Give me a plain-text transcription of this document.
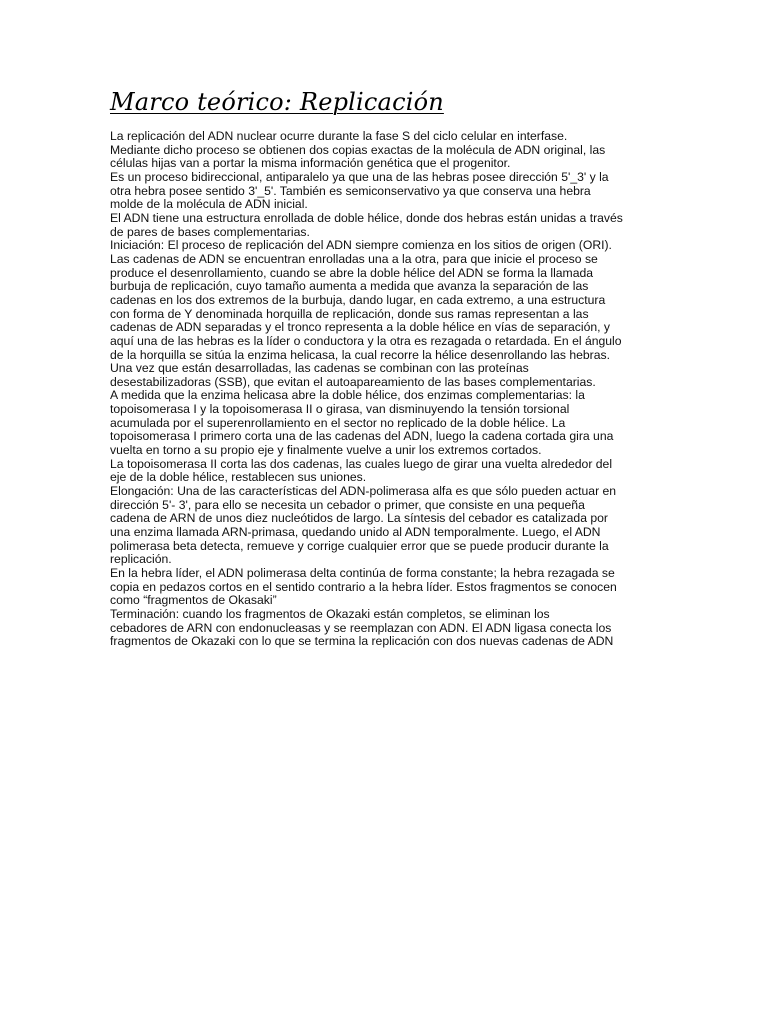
Marco teórico: Replicación
La replicación del ADN nuclear ocurre durante la fase S del ciclo celular en interfase.
Mediante dicho proceso se obtienen dos copias exactas de la molécula de ADN original, las
células hijas van a portar la misma información genética que el progenitor.
Es un proceso bidireccional, antiparalelo ya que una de las hebras posee dirección 5'_3' y la
otra hebra posee sentido 3'_5'. También es semiconservativo ya que conserva una hebra
molde de la molécula de ADN inicial.
El ADN tiene una estructura enrollada de doble hélice, donde dos hebras están unidas a través
de pares de bases complementarias.
Iniciación: El proceso de replicación del ADN siempre comienza en los sitios de origen (ORI).
Las cadenas de ADN se encuentran enrolladas una a la otra, para que inicie el proceso se
produce el desenrollamiento, cuando se abre la doble hélice del ADN se forma la llamada
burbuja de replicación, cuyo tamaño aumenta a medida que avanza la separación de las
cadenas en los dos extremos de la burbuja, dando lugar, en cada extremo, a una estructura
con forma de Y denominada horquilla de replicación, donde sus ramas representan a las
cadenas de ADN separadas y el tronco representa a la doble hélice en vías de separación, y
aquí una de las hebras es la líder o conductora y la otra es rezagada o retardada. En el ángulo
de la horquilla se sitúa la enzima helicasa, la cual recorre la hélice desenrollando las hebras.
Una vez que están desarrolladas, las cadenas se combinan con las proteínas
desestabilizadoras (SSB), que evitan el autoapareamiento de las bases complementarias.
A medida que la enzima helicasa abre la doble hélice, dos enzimas complementarias: la
topoisomerasa I y la topoisomerasa II o girasa, van disminuyendo la tensión torsional
acumulada por el superenrollamiento en el sector no replicado de la doble hélice. La
topoisomerasa I primero corta una de las cadenas del ADN, luego la cadena cortada gira una
vuelta en torno a su propio eje y finalmente vuelve a unir los extremos cortados.
La topoisomerasa II corta las dos cadenas, las cuales luego de girar una vuelta alrededor del
eje de la doble hélice, restablecen sus uniones.
Elongación: Una de las características del ADN-polimerasa alfa es que sólo pueden actuar en
dirección 5'- 3', para ello se necesita un cebador o primer, que consiste en una pequeña
cadena de ARN de unos diez nucleótidos de largo. La síntesis del cebador es catalizada por
una enzima llamada ARN-primasa, quedando unido al ADN temporalmente. Luego, el ADN
polimerasa beta detecta, remueve y corrige cualquier error que se puede producir durante la
replicación.
En la hebra líder, el ADN polimerasa delta continúa de forma constante; la hebra rezagada se
copia en pedazos cortos en el sentido contrario a la hebra líder. Estos fragmentos se conocen
como “fragmentos de Okasaki”
Terminación: cuando los fragmentos de Okazaki están completos, se eliminan los
cebadores de ARN con endonucleasas y se reemplazan con ADN. El ADN ligasa conecta los
fragmentos de Okazaki con lo que se termina la replicación con dos nuevas cadenas de ADN
